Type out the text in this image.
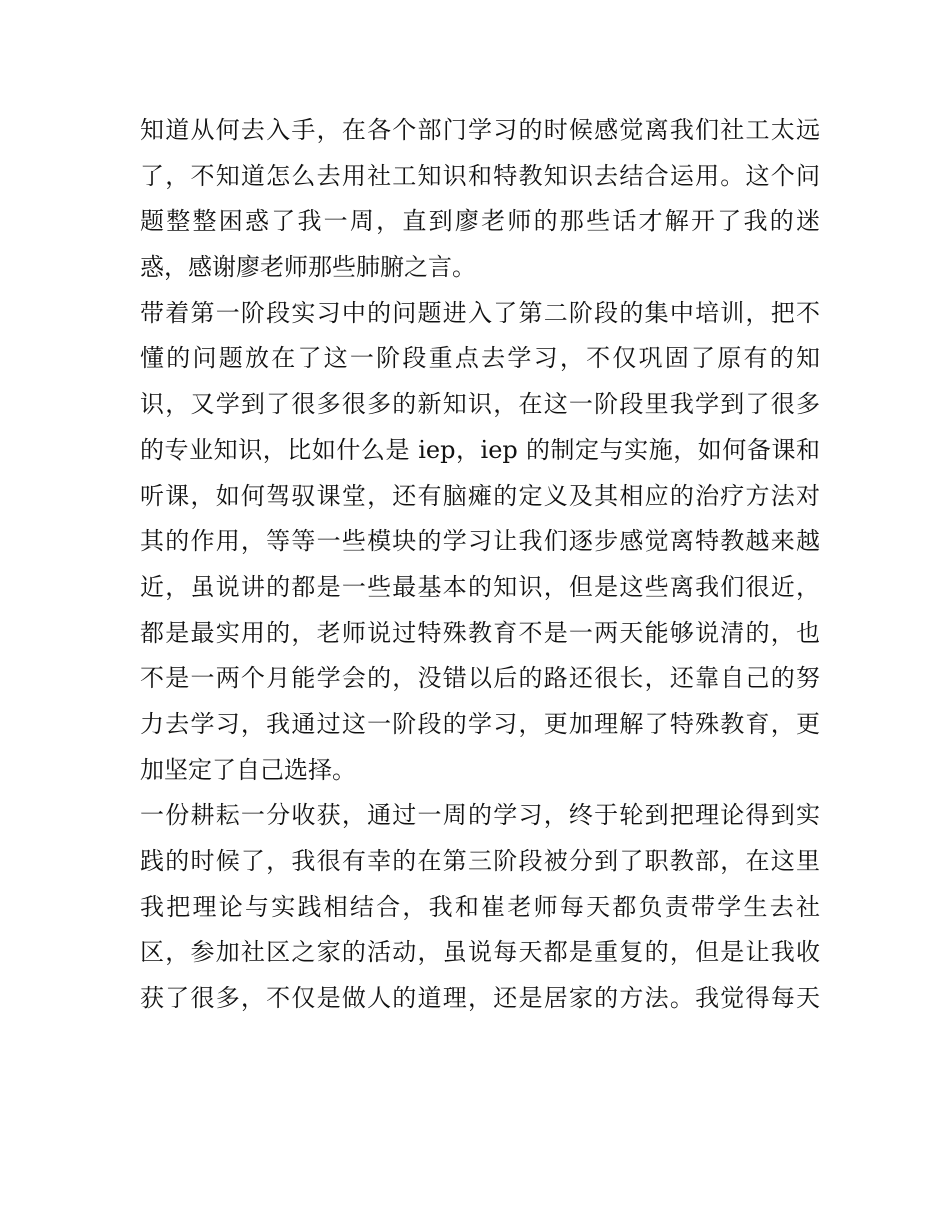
知道从何去入手，在各个部门学习的时候感觉离我们社工太远
了，不知道怎么去用社工知识和特教知识去结合运用。这个问
题整整困惑了我一周，直到廖老师的那些话才解开了我的迷
惑，感谢廖老师那些肺腑之言。
带着第一阶段实习中的问题进入了第二阶段的集中培训，把不
懂的问题放在了这一阶段重点去学习，不仅巩固了原有的知
识，又学到了很多很多的新知识，在这一阶段里我学到了很多
的专业知识，比如什么是 iep，iep 的制定与实施，如何备课和
听课，如何驾驭课堂，还有脑瘫的定义及其相应的治疗方法对
其的作用，等等一些模块的学习让我们逐步感觉离特教越来越
近，虽说讲的都是一些最基本的知识，但是这些离我们很近，
都是最实用的，老师说过特殊教育不是一两天能够说清的，也
不是一两个月能学会的，没错以后的路还很长，还靠自己的努
力去学习，我通过这一阶段的学习，更加理解了特殊教育，更
加坚定了自己选择。
一份耕耘一分收获，通过一周的学习，终于轮到把理论得到实
践的时候了，我很有幸的在第三阶段被分到了职教部，在这里
我把理论与实践相结合，我和崔老师每天都负责带学生去社
区，参加社区之家的活动，虽说每天都是重复的，但是让我收
获了很多，不仅是做人的道理，还是居家的方法。我觉得每天
